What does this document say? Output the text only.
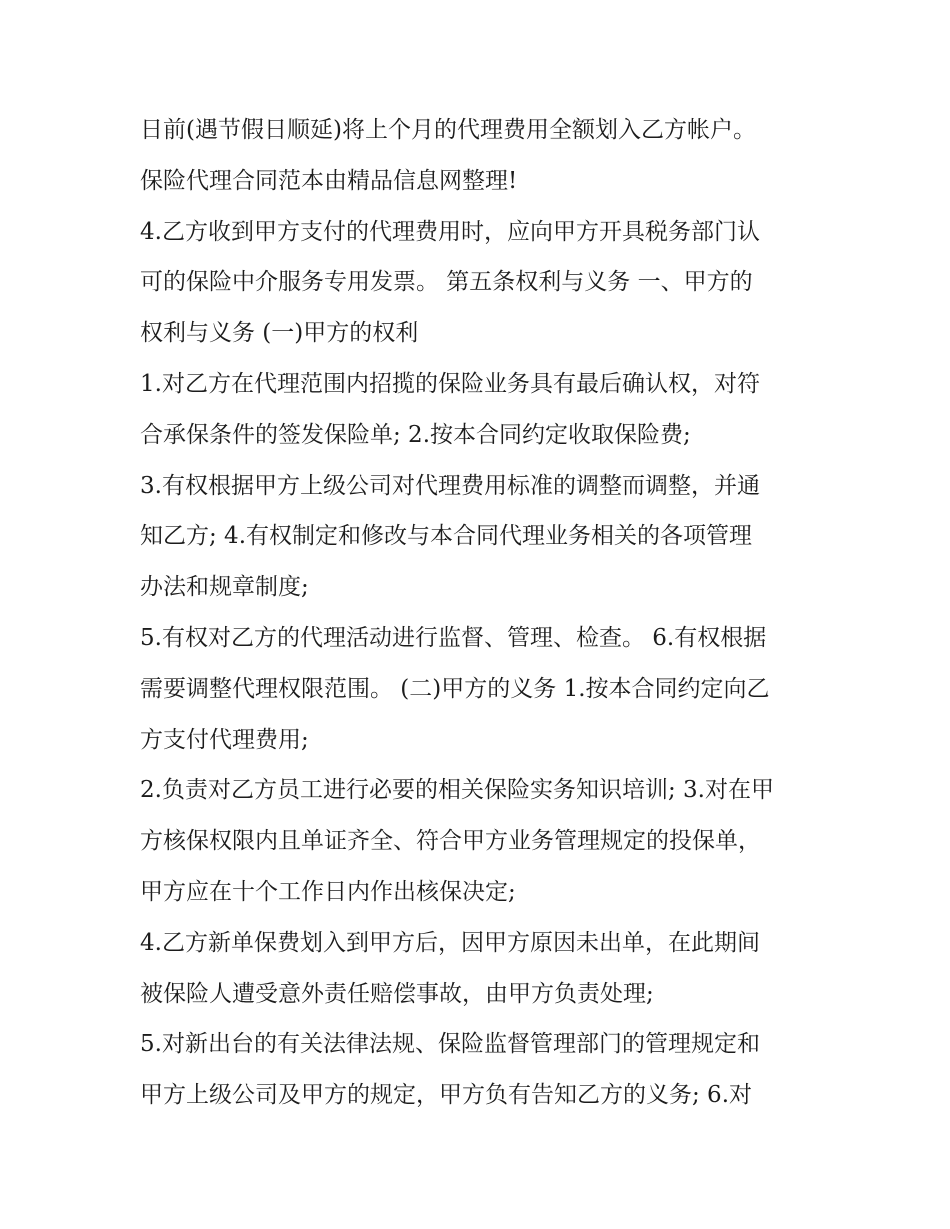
日前(遇节假日顺延)将上个月的代理费用全额划入乙方帐户。
保险代理合同范本由精品信息网整理!
4.乙方收到甲方支付的代理费用时，应向甲方开具税务部门认
可的保险中介服务专用发票。 第五条权利与义务 一、甲方的
权利与义务 (一)甲方的权利
1.对乙方在代理范围内招揽的保险业务具有最后确认权，对符
合承保条件的签发保险单; 2.按本合同约定收取保险费;
3.有权根据甲方上级公司对代理费用标准的调整而调整，并通
知乙方; 4.有权制定和修改与本合同代理业务相关的各项管理
办法和规章制度;
5.有权对乙方的代理活动进行监督、管理、检查。 6.有权根据
需要调整代理权限范围。 (二)甲方的义务 1.按本合同约定向乙
方支付代理费用;
2.负责对乙方员工进行必要的相关保险实务知识培训; 3.对在甲
方核保权限内且单证齐全、符合甲方业务管理规定的投保单，
甲方应在十个工作日内作出核保决定;
4.乙方新单保费划入到甲方后，因甲方原因未出单，在此期间
被保险人遭受意外责任赔偿事故，由甲方负责处理;
5.对新出台的有关法律法规、保险监督管理部门的管理规定和
甲方上级公司及甲方的规定，甲方负有告知乙方的义务; 6.对
